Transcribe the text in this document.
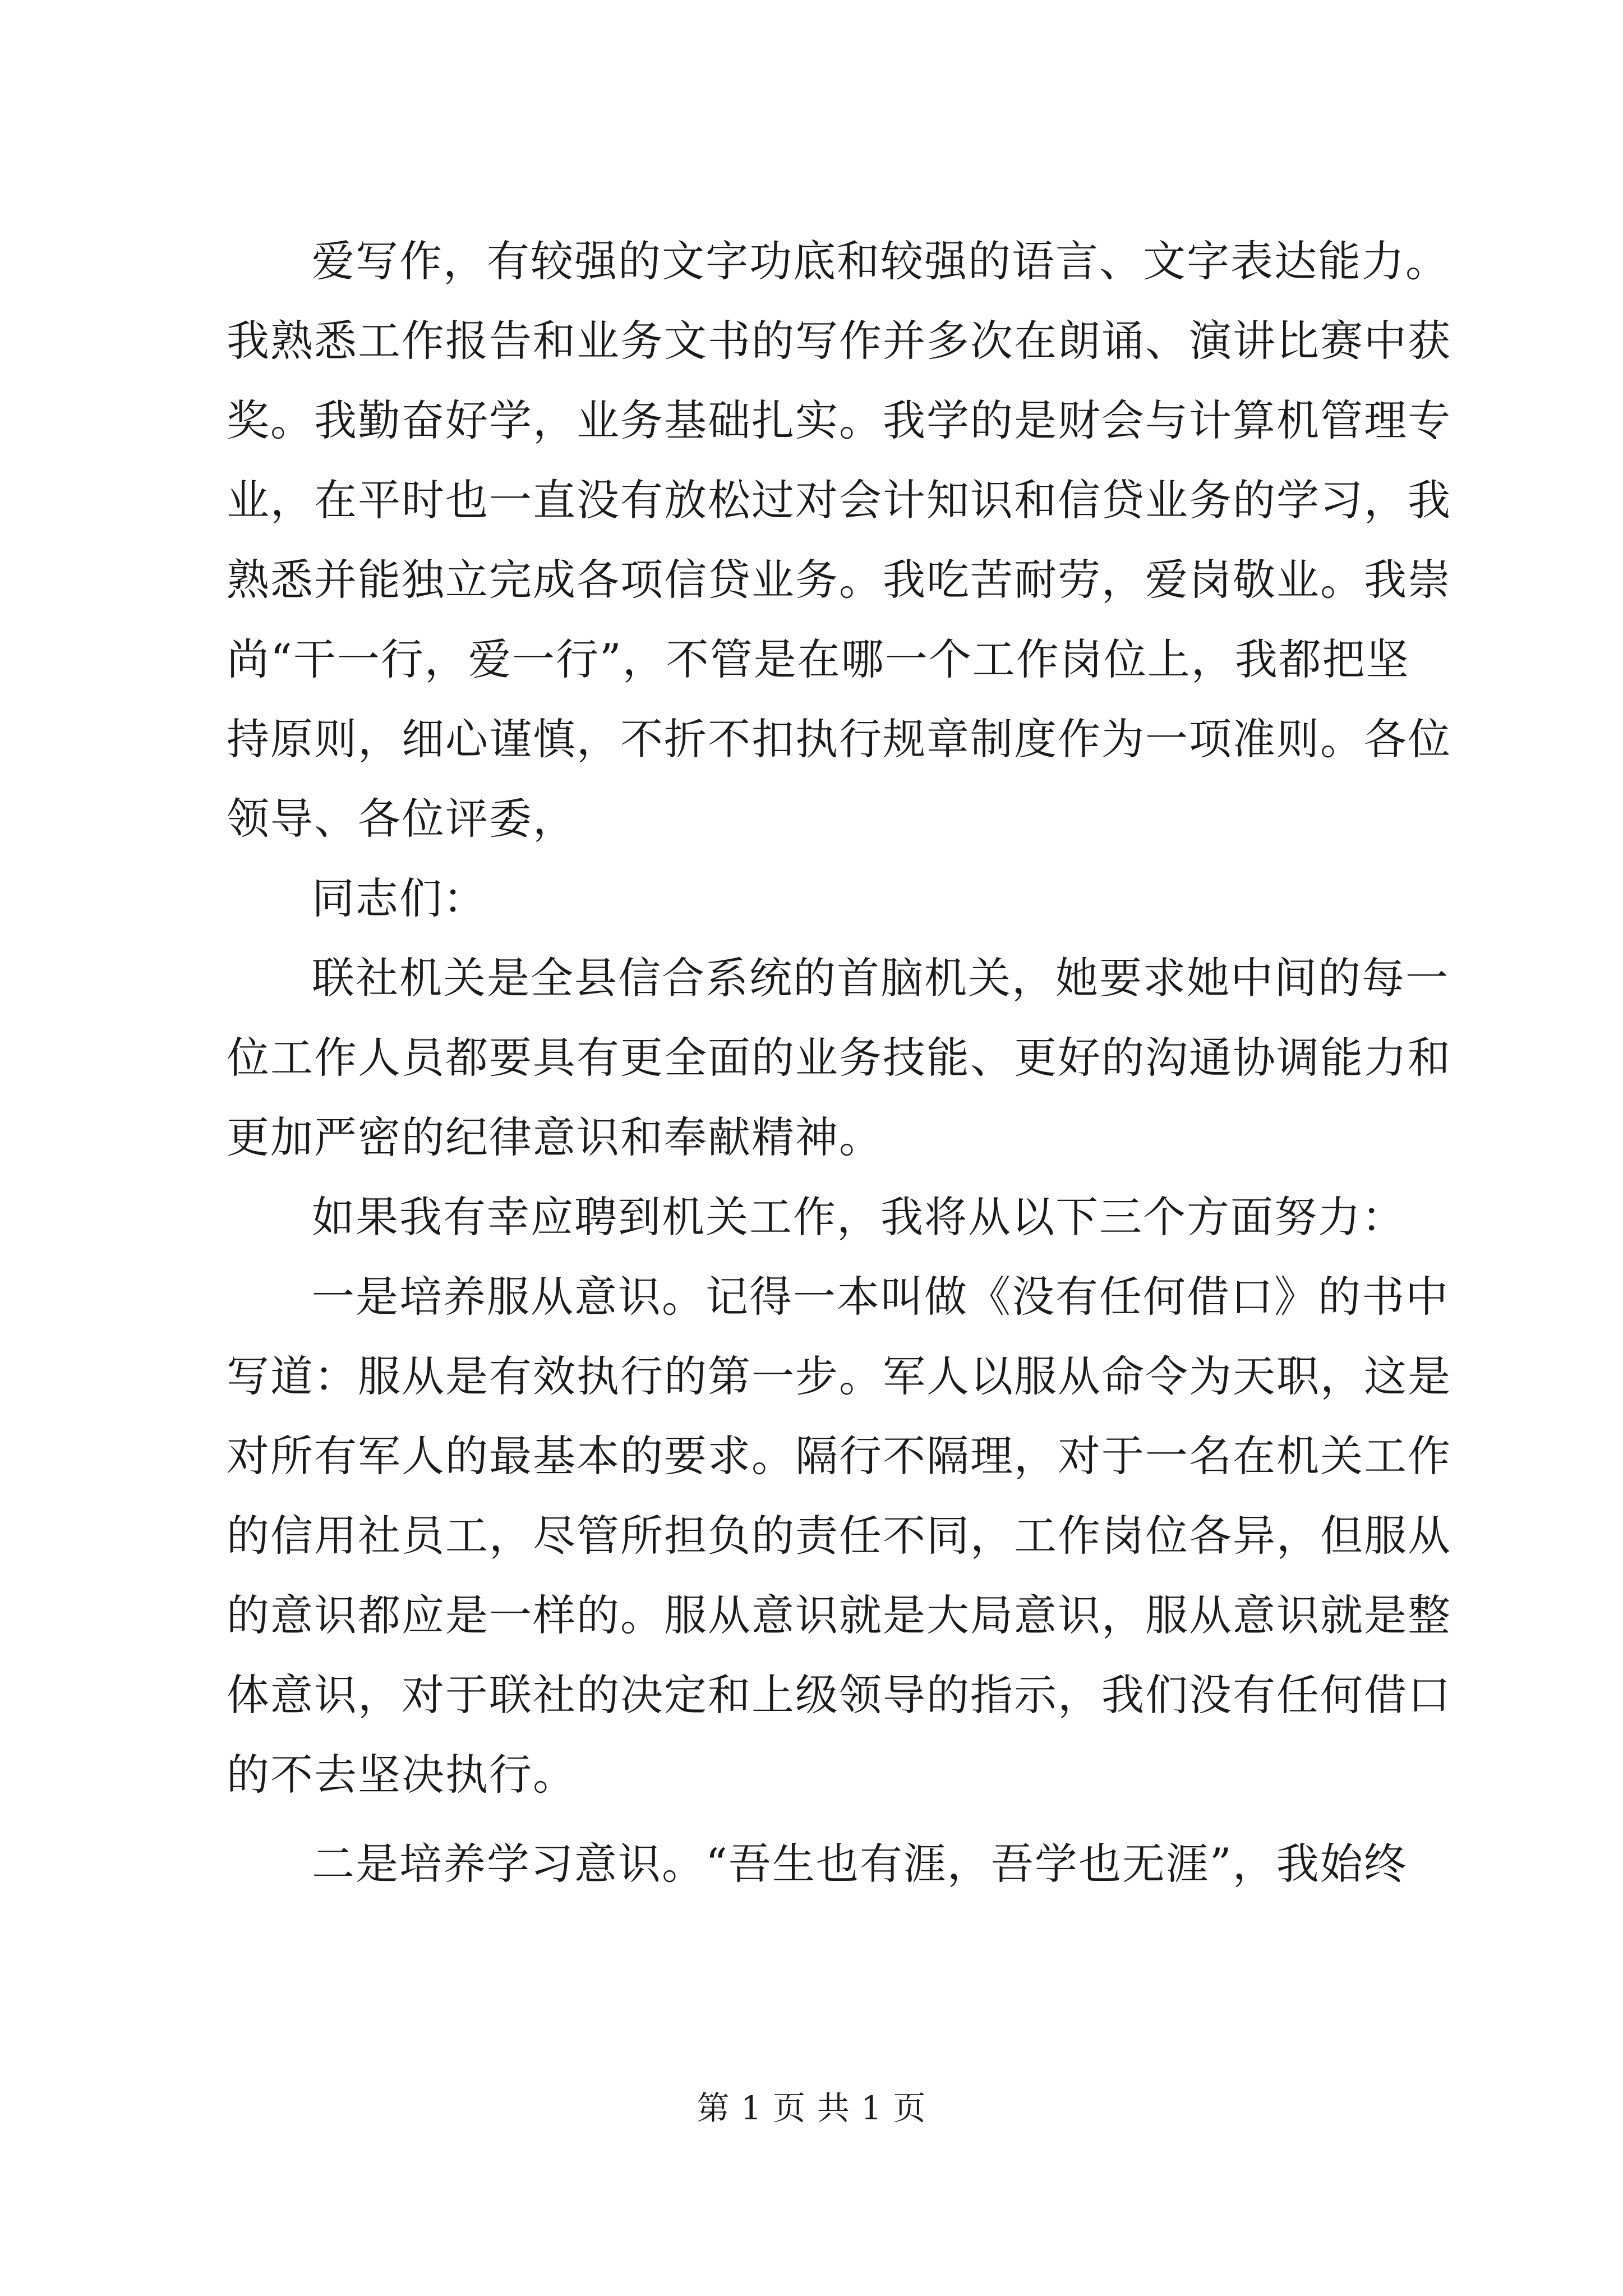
爱写作，有较强的文字功底和较强的语言、文字表达能力。
我熟悉工作报告和业务文书的写作并多次在朗诵、演讲比赛中获
奖。我勤奋好学，业务基础扎实。我学的是财会与计算机管理专
业，在平时也一直没有放松过对会计知识和信贷业务的学习，我
熟悉并能独立完成各项信贷业务。我吃苦耐劳，爱岗敬业。我崇
尚“干一行，爱一行”，不管是在哪一个工作岗位上，我都把坚
持原则，细心谨慎，不折不扣执行规章制度作为一项准则。各位
领导、各位评委，
同志们：
联社机关是全县信合系统的首脑机关，她要求她中间的每一
位工作人员都要具有更全面的业务技能、更好的沟通协调能力和
更加严密的纪律意识和奉献精神。
如果我有幸应聘到机关工作，我将从以下三个方面努力：
一是培养服从意识。记得一本叫做《没有任何借口》的书中
写道：服从是有效执行的第一步。军人以服从命令为天职，这是
对所有军人的最基本的要求。隔行不隔理，对于一名在机关工作
的信用社员工，尽管所担负的责任不同，工作岗位各异，但服从
的意识都应是一样的。服从意识就是大局意识，服从意识就是整
体意识，对于联社的决定和上级领导的指示，我们没有任何借口
的不去坚决执行。
二是培养学习意识。“吾生也有涯，吾学也无涯”，我始终
第 1 页 共 1 页
